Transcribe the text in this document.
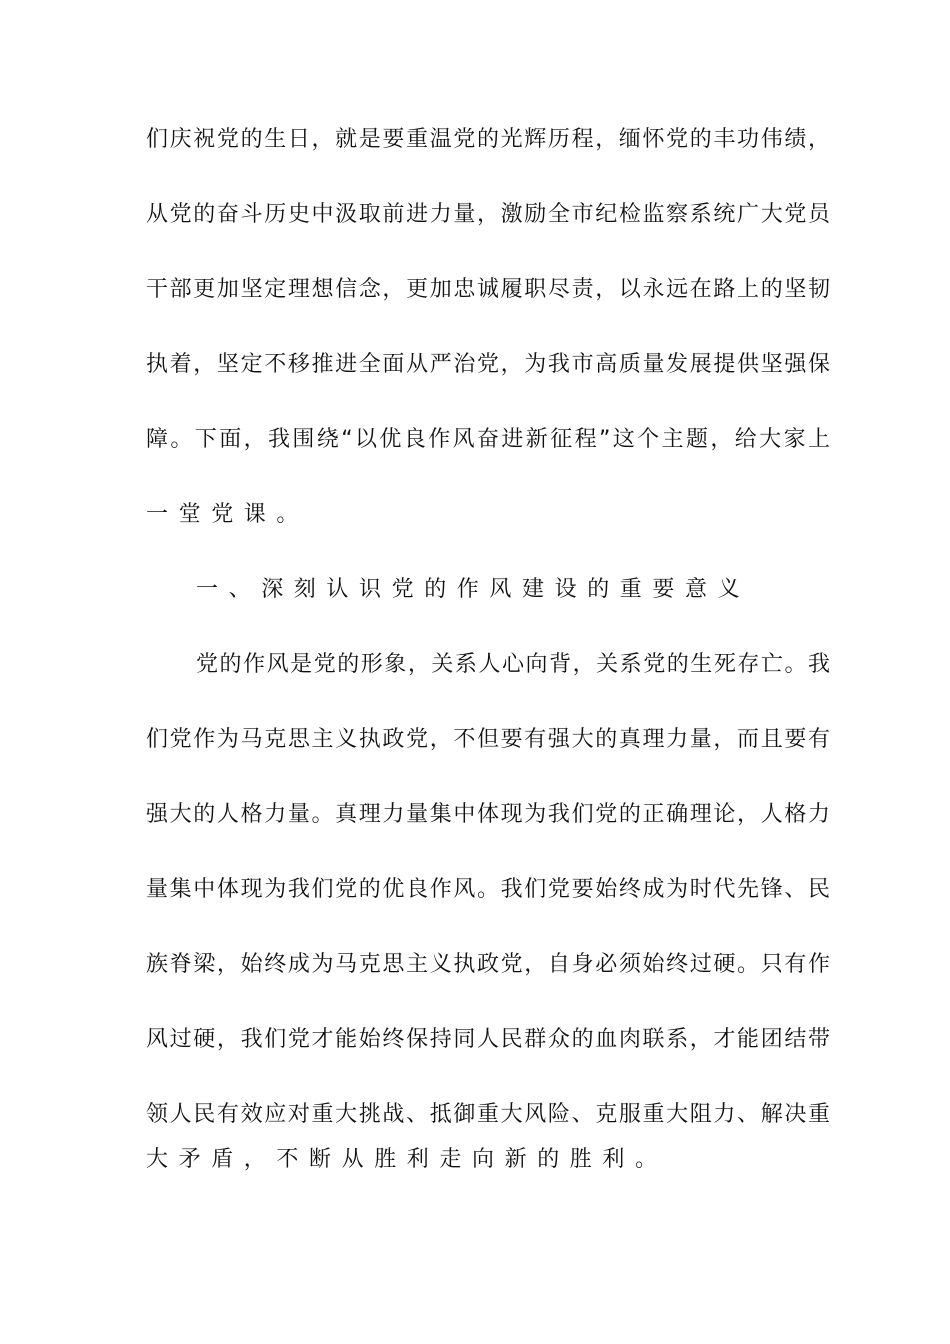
们庆祝党的生日，就是要重温党的光辉历程，缅怀党的丰功伟绩，
从党的奋斗历史中汲取前进力量，激励全市纪检监察系统广大党员
干部更加坚定理想信念，更加忠诚履职尽责，以永远在路上的坚韧
执着，坚定不移推进全面从严治党，为我市高质量发展提供坚强保
障。下面，我围绕“以优良作风奋进新征程”这个主题，给大家上
一堂党课。
一、深刻认识党的作风建设的重要意义
党的作风是党的形象，关系人心向背，关系党的生死存亡。我
们党作为马克思主义执政党，不但要有强大的真理力量，而且要有
强大的人格力量。真理力量集中体现为我们党的正确理论，人格力
量集中体现为我们党的优良作风。我们党要始终成为时代先锋、民
族脊梁，始终成为马克思主义执政党，自身必须始终过硬。只有作
风过硬，我们党才能始终保持同人民群众的血肉联系，才能团结带
领人民有效应对重大挑战、抵御重大风险、克服重大阻力、解决重
大矛盾，不断从胜利走向新的胜利。
